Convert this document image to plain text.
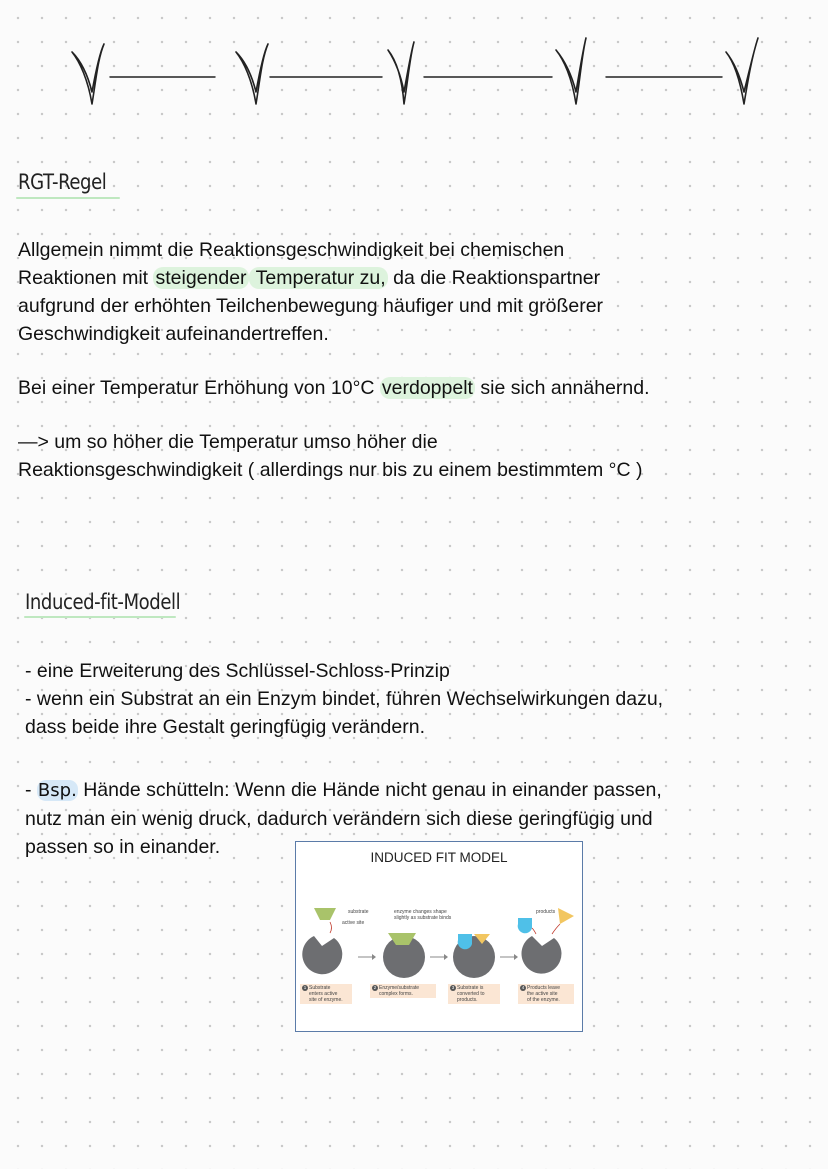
RGT-Regel
Allgemein nimmt die Reaktionsgeschwindigkeit bei chemischen
Reaktionen mit steigender Temperatur zu, da die Reaktionspartner
aufgrund der erhöhten Teilchenbewegung häufiger und mit größerer
Geschwindigkeit aufeinandertreffen.
Bei einer Temperatur Erhöhung von 10°C verdoppelt sie sich annähernd.
—> um so höher die Temperatur umso höher die
Reaktionsgeschwindigkeit ( allerdings nur bis zu einem bestimmtem °C )
Induced-fit-Modell
- eine Erweiterung des Schlüssel-Schloss-Prinzip
- wenn ein Substrat an ein Enzym bindet, führen Wechselwirkungen dazu,
dass beide ihre Gestalt geringfügig verändern.
- Bsp. Hände schütteln: Wenn die Hände nicht genau in einander passen,
nutz man ein wenig druck, dadurch verändern sich diese geringfügig und
passen so in einander.	INDUCED FIT MODEL
substrate
active site
enzyme changes shape
slightly as substrate binds
products
1 Substrate
enters active
site of enzyme.
2 Enzyme/substrate
complex forms.
3 Substrate is
converted to
products.
4 Products leave
the active site
of the enzyme.
